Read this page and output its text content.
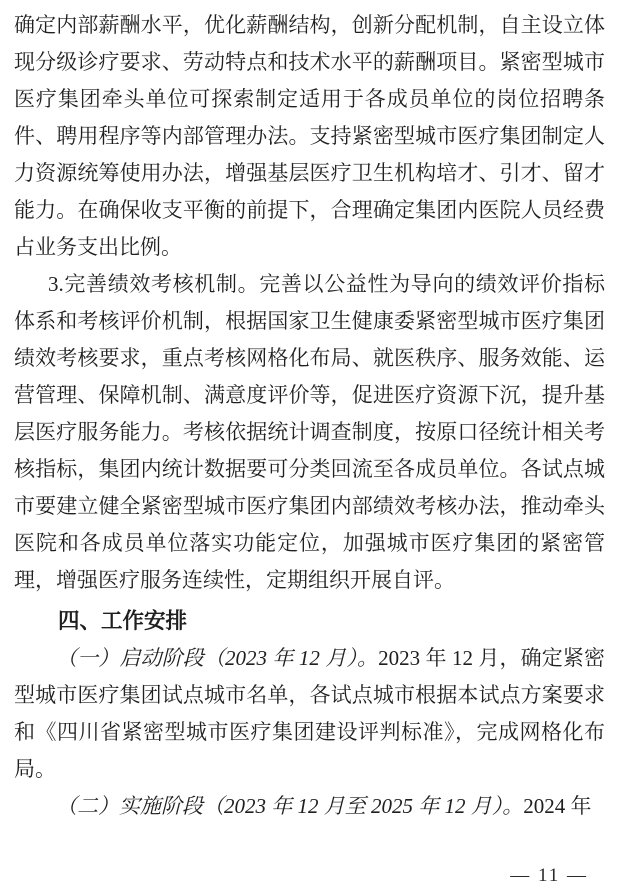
确定内部薪酬水平，优化薪酬结构，创新分配机制，自主设立体现分级诊疗要求、劳动特点和技术水平的薪酬项目。紧密型城市医疗集团牵头单位可探索制定适用于各成员单位的岗位招聘条件、聘用程序等内部管理办法。支持紧密型城市医疗集团制定人力资源统筹使用办法，增强基层医疗卫生机构培才、引才、留才能力。在确保收支平衡的前提下，合理确定集团内医院人员经费占业务支出比例。

3.完善绩效考核机制。完善以公益性为导向的绩效评价指标体系和考核评价机制，根据国家卫生健康委紧密型城市医疗集团绩效考核要求，重点考核网格化布局、就医秩序、服务效能、运营管理、保障机制、满意度评价等，促进医疗资源下沉，提升基层医疗服务能力。考核依据统计调查制度，按原口径统计相关考核指标，集团内统计数据要可分类回流至各成员单位。各试点城市要建立健全紧密型城市医疗集团内部绩效考核办法，推动牵头医院和各成员单位落实功能定位，加强城市医疗集团的紧密管理，增强医疗服务连续性，定期组织开展自评。

四、工作安排

（一）启动阶段（2023 年 12 月）。2023 年 12 月，确定紧密型城市医疗集团试点城市名单，各试点城市根据本试点方案要求和《四川省紧密型城市医疗集团建设评判标准》，完成网格化布局。

（二）实施阶段（2023 年 12 月至 2025 年 12 月）。2024 年

— 11 —
